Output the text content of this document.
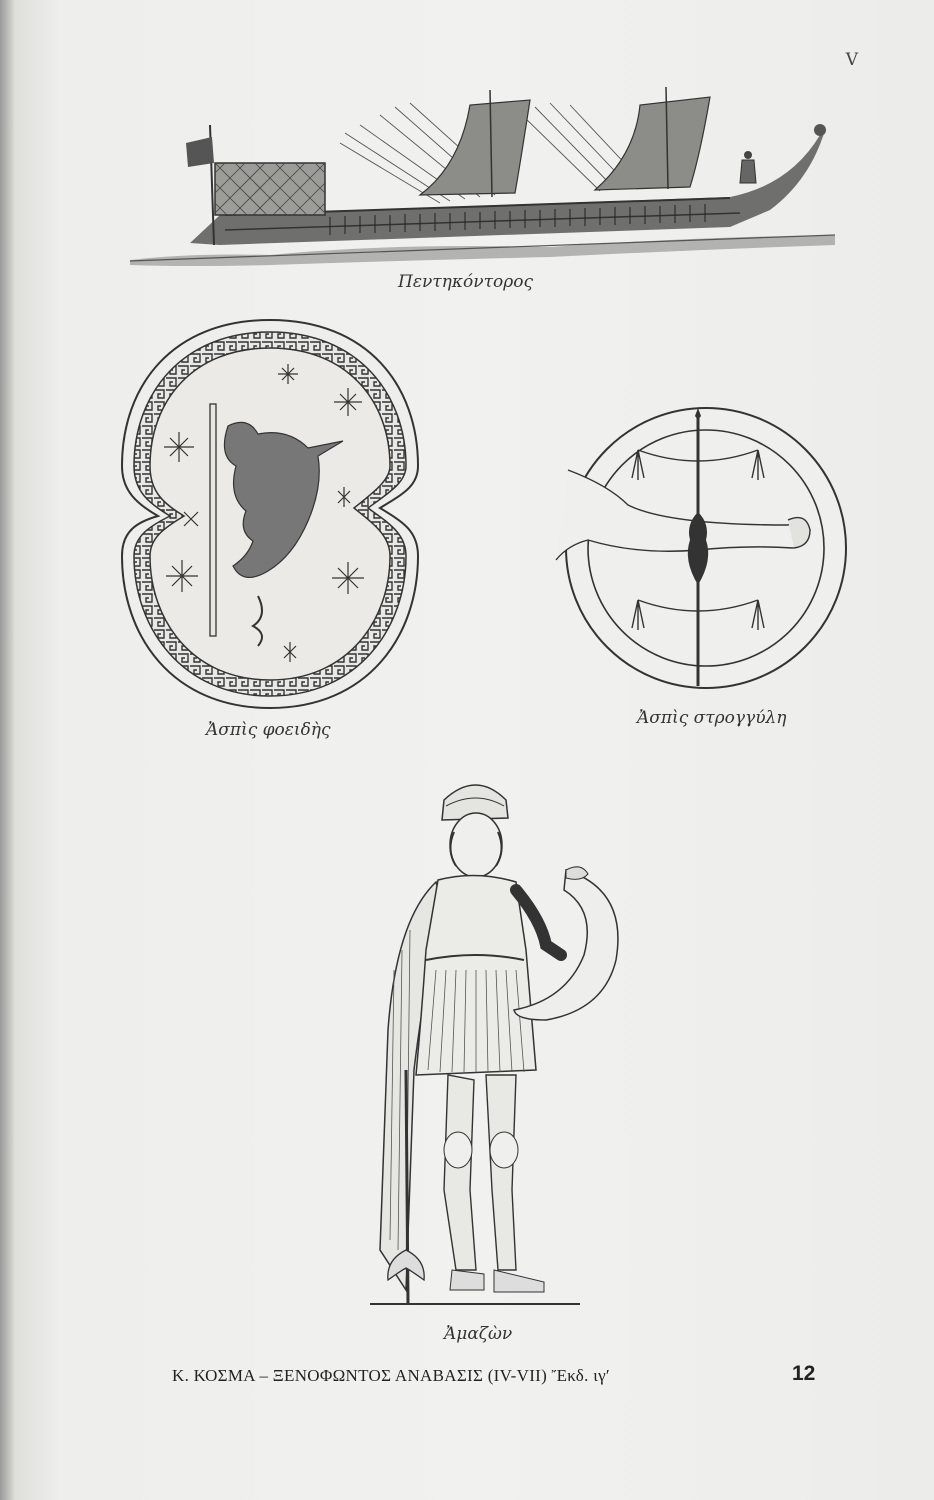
V
Πεντηκόντορος
Ἀσπὶς φοειδὴς
Ἀσπὶς στρογγύλη
Ἀμαζὼν
Κ. ΚΟΣΜΑ – ΞΕΝΟΦΩΝΤΟΣ ΑΝΑΒΑΣΙΣ (IV-VII) Ἔκδ. ιγʹ	12
